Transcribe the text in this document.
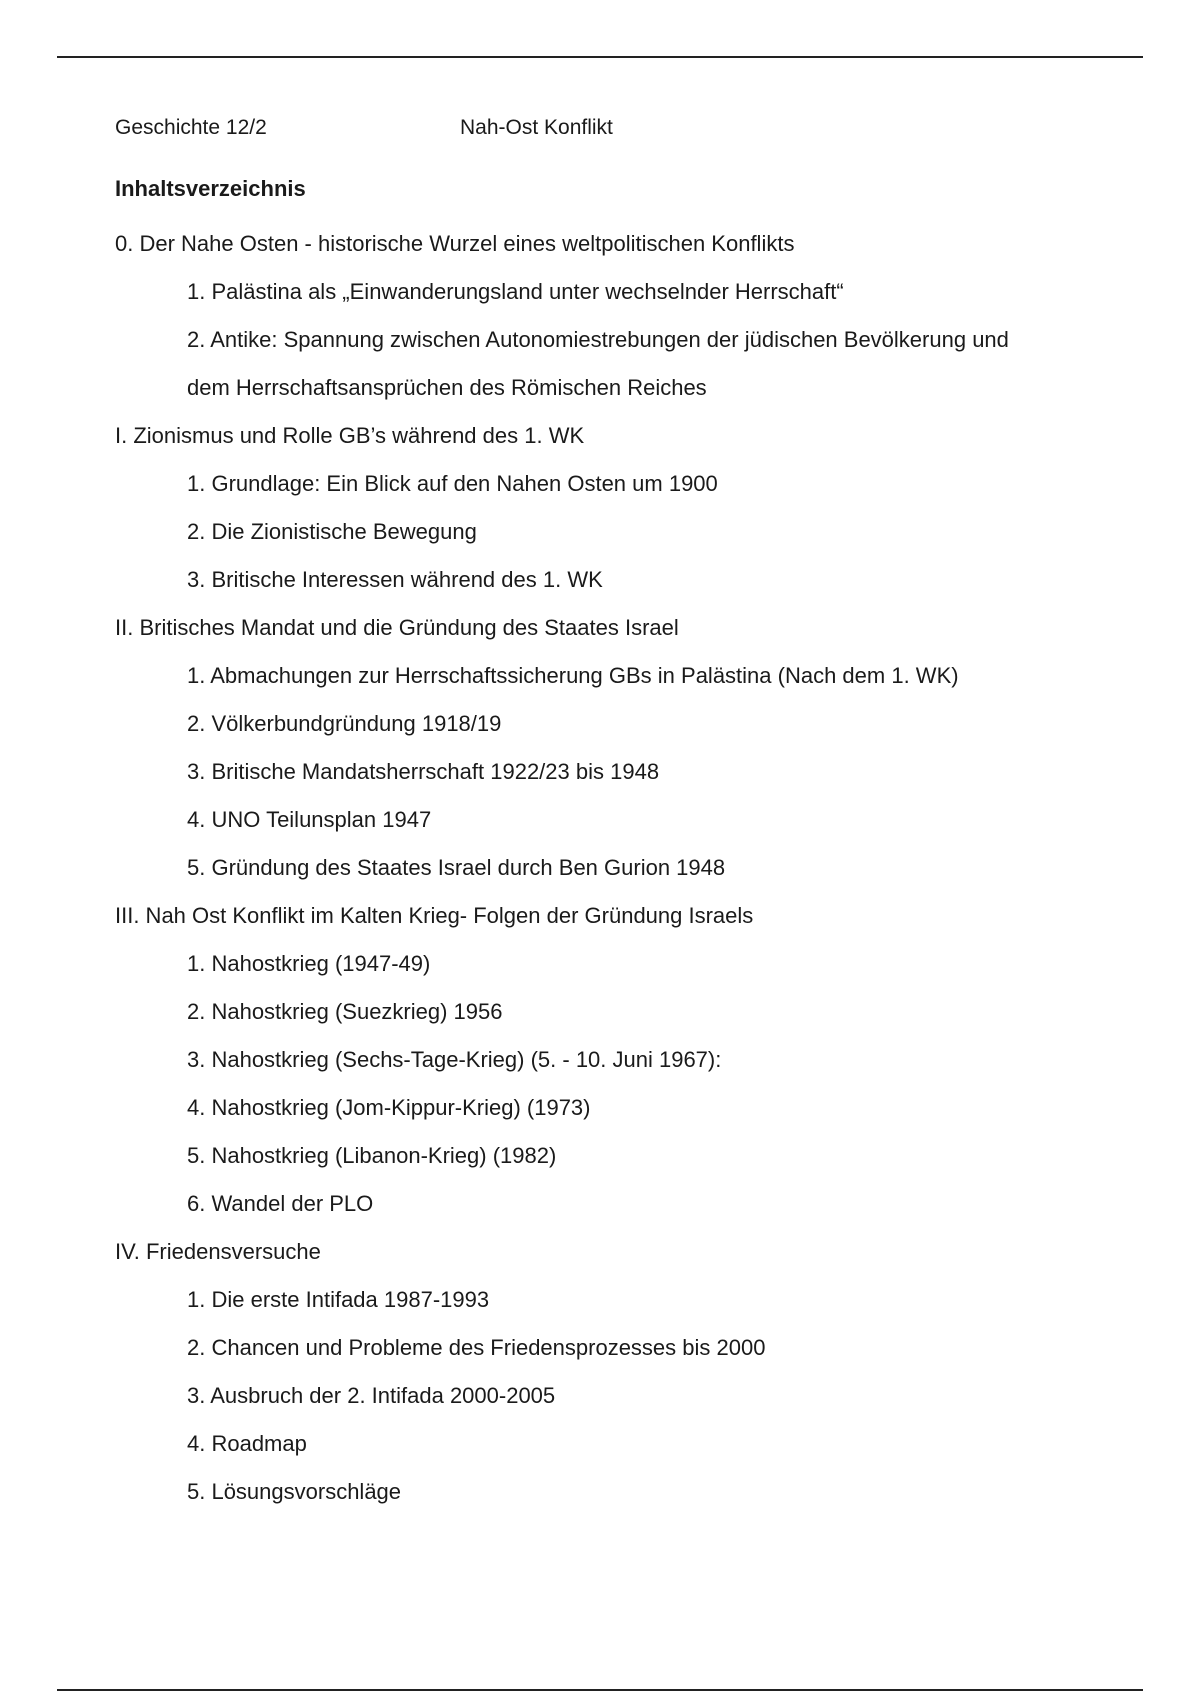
Geschichte 12/2	Nah-Ost Konflikt
Inhaltsverzeichnis
0. Der Nahe Osten - historische Wurzel eines weltpolitischen Konflikts
1. Palästina als „Einwanderungsland unter wechselnder Herrschaft“
2. Antike: Spannung zwischen Autonomiestrebungen der jüdischen Bevölkerung und
dem Herrschaftsansprüchen des Römischen Reiches
I. Zionismus und Rolle GB’s während des 1. WK
1. Grundlage: Ein Blick auf den Nahen Osten um 1900
2. Die Zionistische Bewegung
3. Britische Interessen während des 1. WK
II. Britisches Mandat und die Gründung des Staates Israel
1. Abmachungen zur Herrschaftssicherung GBs in Palästina (Nach dem 1. WK)
2. Völkerbundgründung 1918/19
3. Britische Mandatsherrschaft 1922/23 bis 1948
4. UNO Teilunsplan 1947
5. Gründung des Staates Israel durch Ben Gurion 1948
III. Nah Ost Konflikt im Kalten Krieg- Folgen der Gründung Israels
1. Nahostkrieg (1947-49)
2. Nahostkrieg (Suezkrieg) 1956
3. Nahostkrieg (Sechs-Tage-Krieg) (5. - 10. Juni 1967):
4. Nahostkrieg (Jom-Kippur-Krieg) (1973)
5. Nahostkrieg (Libanon-Krieg) (1982)
6. Wandel der PLO
IV. Friedensversuche
1. Die erste Intifada 1987-1993
2. Chancen und Probleme des Friedensprozesses bis 2000
3. Ausbruch der 2. Intifada 2000-2005
4. Roadmap
5. Lösungsvorschläge
